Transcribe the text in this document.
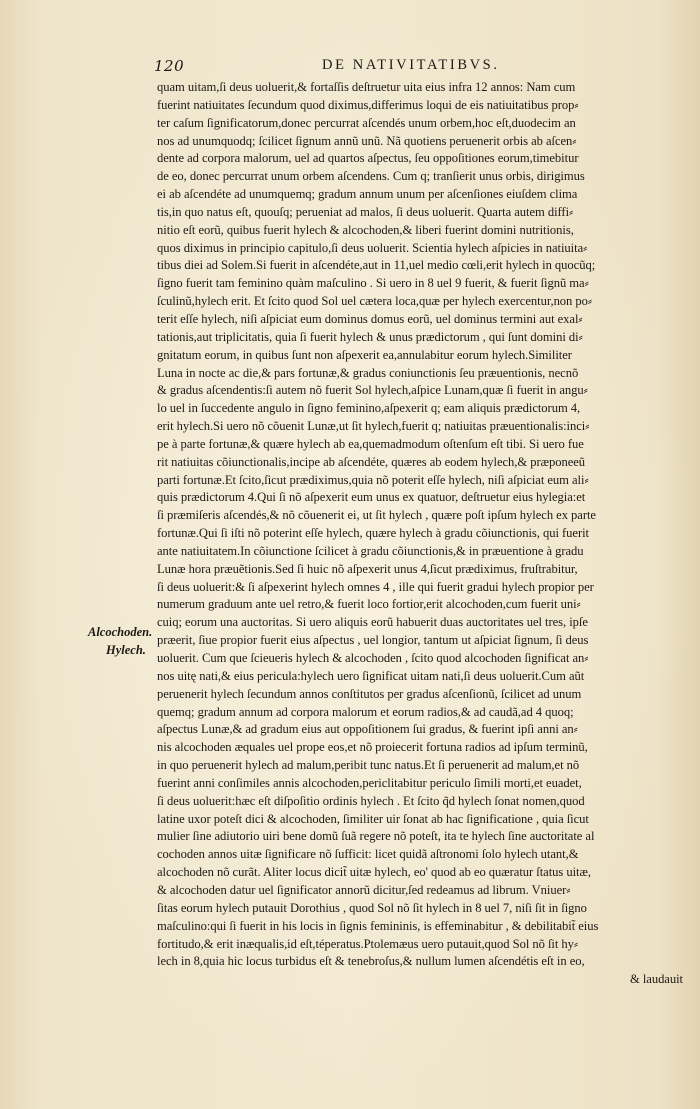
120	DE NATIVITATIBVS.
Alcochoden.
Hylech.
quam uitam,ſi deus uoluerit,& fortaſſis deſtruetur uita eius infra 12 annos: Nam cum
fuerint natiuitates ſecundum quod diximus,differimus loqui de eis natiuitatibus prop⸗
ter caſum ſignificatorum,donec percurrat aſcendés unum orbem,hoc eſt,duodecim an
nos ad unumquodq; ſcilicet ſignum annũ unũ. Nã quotiens peruenerit orbis ab aſcen⸗
dente ad corpora malorum, uel ad quartos aſpectus, ſeu oppoſitiones eorum,timebitur
de eo, donec percurrat unum orbem aſcendens. Cum q; tranſierit unus orbis, dirigimus
ei ab aſcendéte ad unumquemq; gradum annum unum per aſcenſiones eiuſdem clima
tis,in quo natus eſt, quouſq; perueniat ad malos, ſi deus uoluerit. Quarta autem diffi⸗
nitio eſt eorũ, quibus fuerit hylech & alcochoden,& liberi fuerint domini nutritionis,
quos diximus in principio capitulo,ſi deus uoluerit. Scientia hylech aſpicies in natiuita⸗
tibus diei ad Solem.Si fuerit in aſcendéte,aut in 11,uel medio cœli,erit hylech in quocũq;
ſigno fuerit tam feminino quàm maſculino . Si uero in 8 uel 9 fuerit, & fuerit ſignũ ma⸗
ſculinũ,hylech erit. Et ſcito quod Sol uel cætera loca,quæ per hylech exercentur,non po⸗
terit eſſe hylech, niſi aſpiciat eum dominus domus eorũ, uel dominus termini aut exal⸗
tationis,aut triplicitatis, quia ſi fuerit hylech & unus prædictorum , qui ſunt domini di⸗
gnitatum eorum, in quibus ſunt non aſpexerit ea,annulabitur eorum hylech.Similiter
Luna in nocte ac die,& pars fortunæ,& gradus coniunctionis ſeu præuentionis, necnõ
& gradus aſcendentis:ſi autem nõ fuerit Sol hylech,aſpice Lunam,quæ ſi fuerit in angu⸗
lo uel in ſuccedente angulo in ſigno feminino,aſpexerit q; eam aliquis prædictorum 4,
erit hylech.Si uero nõ cõuenit Lunæ,ut ſit hylech,fuerit q; natiuitas præuentionalis:inci⸗
pe à parte fortunæ,& quære hylech ab ea,quemadmodum oſtenſum eſt tibi. Si uero fue
rit natiuitas cõiunctionalis,incipe ab aſcendéte, quæres ab eodem hylech,& præponeeũ
parti fortunæ.Et ſcito,ſicut prædiximus,quia nõ poterit eſſe hylech, niſi aſpiciat eum ali⸗
quis prædictorum 4.Qui ſi nõ aſpexerit eum unus ex quatuor, deſtruetur eius hylegia:et
ſi præmiſeris aſcendés,& nõ cõuenerit ei, ut ſit hylech , quære poſt ipſum hylech ex parte
fortunæ.Qui ſi iſti nõ poterint eſſe hylech, quære hylech à gradu cõiunctionis, qui fuerit
ante natiuitatem.In cõiunctione ſcilicet à gradu cõiunctionis,& in præuentione à gradu
Lunæ hora præuẽtionis.Sed ſi huic nõ aſpexerit unus 4,ſicut prædiximus, fruſtrabitur,
ſi deus uoluerit:& ſi aſpexerint hylech omnes 4 , ille qui fuerit gradui hylech propior per
numerum graduum ante uel retro,& fuerit loco fortior,erit alcochoden,cum fuerit uni⸗
cuiq; eorum una auctoritas. Si uero aliquis eorũ habuerit duas auctoritates uel tres, ipſe
præerit, ſiue propior fuerit eius aſpectus , uel longior, tantum ut aſpiciat ſignum, ſi deus
uoluerit. Cum que ſcieueris hylech & alcochoden , ſcito quod alcochoden ſignificat an⸗
nos uitę nati,& eius pericula:hylech uero ſignificat uitam nati,ſi deus uoluerit.Cum aũt
peruenerit hylech ſecundum annos conſtitutos per gradus aſcenſionũ, ſcilicet ad unum
quemq; gradum annum ad corpora malorum et eorum radios,& ad caudã,ad 4 quoq;
aſpectus Lunæ,& ad gradum eius aut oppoſitionem ſui gradus, & fuerint ipſi anni an⸗
nis alcochoden æquales uel prope eos,et nõ proiecerit fortuna radios ad ipſum terminũ,
in quo peruenerit hylech ad malum,peribit tunc natus.Et ſi peruenerit ad malum,et nõ
fuerint anni conſimiles annis alcochoden,periclitabitur periculo ſimili morti,et euadet,
ſi deus uoluerit:hæc eſt diſpoſitio ordinis hylech . Et ſcito q̃d hylech ſonat nomen,quod
latine uxor poteſt dici & alcochoden, ſimiliter uir ſonat ab hac ſignificatione , quia ſicut
mulier ſine adiutorio uiri bene domũ ſuã regere nõ poteſt, ita te hylech ſine auctoritate al
cochoden annos uitæ ſignificare nõ ſufficit: licet quidã aſtronomi ſolo hylech utant,&
alcochoden nõ curãt. Aliter locus dicit̃ uitæ hylech, eo' quod ab eo quæratur ſtatus uitæ,
& alcochoden datur uel ſignificator annorũ dicitur,ſed redeamus ad librum. Vniuer⸗
ſitas eorum hylech putauit Dorothius , quod Sol nõ ſit hylech in 8 uel 7, niſi ſit in ſigno
maſculino:qui ſi fuerit in his locis in ſignis femininis, is effeminabitur , & debilitabit̃ eius
fortitudo,& erit inæqualis,id eſt,téperatus.Ptolemæus uero putauit,quod Sol nõ ſit hy⸗
lech in 8,quia hic locus turbidus eſt & tenebroſus,& nullum lumen aſcendétis eſt in eo,
& laudauit
